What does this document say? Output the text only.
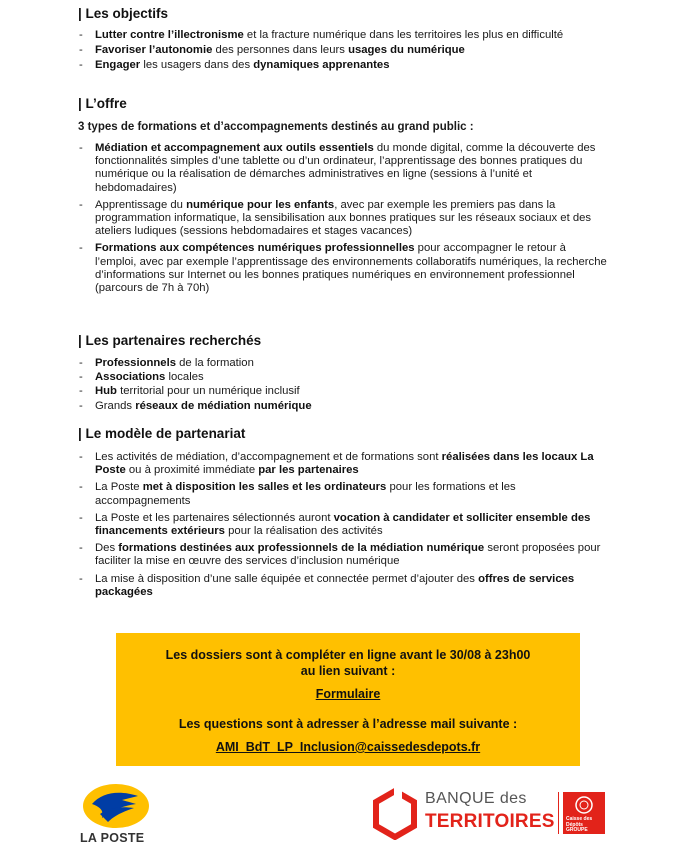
| Les objectifs
- Lutter contre l’illectronisme et la fracture numérique dans les territoires les plus en difficulté
- Favoriser l’autonomie des personnes dans leurs usages du numérique
- Engager les usagers dans des dynamiques apprenantes
| L’offre

3 types de formations et d’accompagnements destinés au grand public :

- Médiation et accompagnement aux outils essentiels du monde digital, comme la découverte des fonctionnalités simples d’une tablette ou d’un ordinateur, l’apprentissage des bonnes pratiques du numérique ou la réalisation de démarches administratives en ligne (sessions à l’unité et hebdomadaires)
- Apprentissage du numérique pour les enfants, avec par exemple les premiers pas dans la programmation informatique, la sensibilisation aux bonnes pratiques sur les réseaux sociaux et des ateliers ludiques (sessions hebdomadaires et stages vacances)
- Formations aux compétences numériques professionnelles pour accompagner le retour à l’emploi, avec par exemple l’apprentissage des environnements collaboratifs numériques, la recherche d’informations sur Internet ou les bonnes pratiques numériques en environnement professionnel (parcours de 7h à 70h)
| Les partenaires recherchés
- Professionnels de la formation
- Associations locales
- Hub territorial pour un numérique inclusif
- Grands réseaux de médiation numérique
| Le modèle de partenariat
- Les activités de médiation, d’accompagnement et de formations sont réalisées dans les locaux La Poste ou à proximité immédiate par les partenaires
- La Poste met à disposition les salles et les ordinateurs pour les formations et les accompagnements
- La Poste et les partenaires sélectionnés auront vocation à candidater et solliciter ensemble des financements extérieurs pour la réalisation des activités
- Des formations destinées aux professionnels de la médiation numérique seront proposées pour faciliter la mise en œuvre des services d’inclusion numérique
- La mise à disposition d’une salle équipée et connectée permet d’ajouter des offres de services packagées
Les dossiers sont à compléter en ligne avant le 30/08 à 23h00
au lien suivant :
Formulaire
Les questions sont à adresser à l’adresse mail suivante :
AMI_BdT_LP_Inclusion@caissedesdepots.fr
LA POSTE
BANQUE des
TERRITOIRES Caisse des Dépôts
GROUPE
